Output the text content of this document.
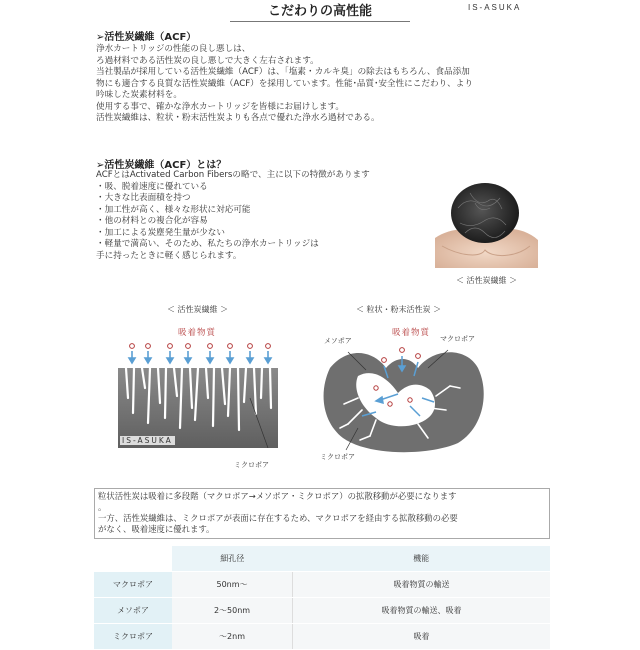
こだわりの高性能	IS-ASUKA
➢活性炭繊維（ACF）
浄水カートリッジの性能の良し悪しは、
ろ過材料である活性炭の良し悪しで大きく左右されます。
当社製品が採用している活性炭繊維（ACF）は、「塩素・カルキ臭」の除去はもちろん、食品添加
物にも適合する良質な活性炭繊維（ACF）を採用しています。性能･品質･安全性にこだわり、より
吟味した炭素材料を。
使用する事で、確かな浄水カートリッジを皆様にお届けします。
活性炭繊維は、粒状・粉末活性炭よりも各点で優れた浄水ろ過材である。
➢活性炭繊維（ACF）とは？
ACFとはActivated Carbon Fibersの略で、主に以下の特徴があります
・吸、脱着速度に優れている
・大きな比表面積を持つ
・加工性が高く、様々な形状に対応可能
・他の材料との複合化が容易
・加工による炭塵発生量が少ない
・軽量で満高い、そのため、私たちの浄水カートリッジは
手に持ったときに軽く感じられます。
＜ 活性炭繊維 ＞
＜ 活性炭繊維 ＞	＜ 粒状・粉末活性炭 ＞
吸着物質	吸着物質
IS-ASUKA
ミクロポア
メソポア	マクロポア
ミクロポア
粒状活性炭は吸着に多段階（マクロポア→メソポア・ミクロポア）の拡散移動が必要になります
。
一方、活性炭繊維は、ミクロポアが表面に存在するため、マクロポアを経由する拡散移動の必要
がなく、吸着速度に優れます。
	細孔径	機能
マクロポア	50nm～	吸着物質の輸送
メソポア	2～50nm	吸着物質の輸送、吸着
ミクロポア	～2nm	吸着
